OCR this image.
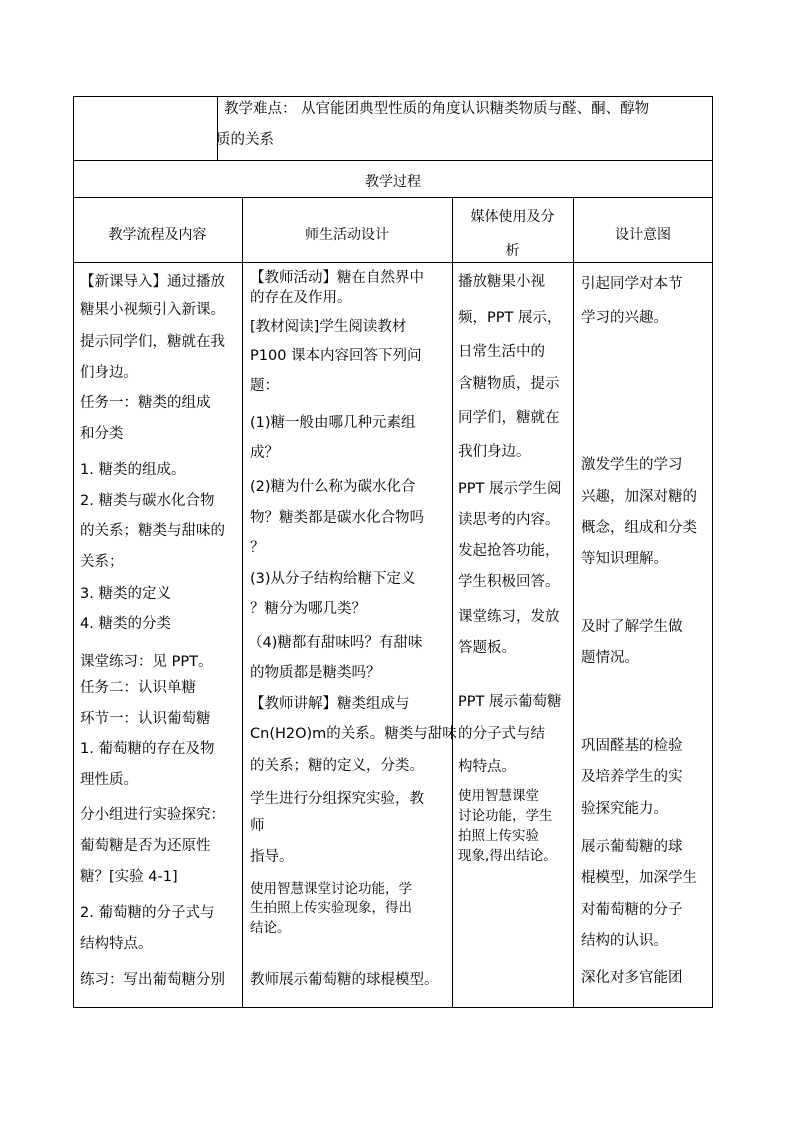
教学难点： 从官能团典型性质的角度认识糖类物质与醛、酮、醇物
质的关系
教学过程
教学流程及内容	师生活动设计
媒体使用及分
析
设计意图
【新课导入】通过播放
糖果小视频引入新课。
提示同学们，糖就在我
们身边。
任务一：糖类的组成
和分类
1. 糖类的组成。
2. 糖类与碳水化合物
的关系；糖类与甜味的
关系；
3. 糖类的定义
4. 糖类的分类
课堂练习：见 PPT。
任务二：认识单糖
环节一：认识葡萄糖
1. 葡萄糖的存在及物
理性质。
分小组进行实验探究：
葡萄糖是否为还原性
糖？[实验 4-1]
2. 葡萄糖的分子式与
结构特点。
练习：写出葡萄糖分别
【教师活动】糖在自然界中
的存在及作用。
[教材阅读]学生阅读教材
P100 课本内容回答下列问
题：
(1)糖一般由哪几种元素组
成？
(2)糖为什么称为碳水化合
物？糖类都是碳水化合物吗
？
(3)从分子结构给糖下定义
？糖分为哪几类？
（4)糖都有甜味吗？有甜味
的物质都是糖类吗？
【教师讲解】糖类组成与
Cn(H2O)m的关系。糖类与甜味
的关系；糖的定义，分类。
学生进行分组探究实验，教
师
指导。
使用智慧课堂讨论功能，学
生拍照上传实验现象，得出
结论。
教师展示葡萄糖的球棍模型。
播放糖果小视
频，PPT 展示，
日常生活中的
含糖物质，提示
同学们，糖就在
我们身边。
PPT 展示学生阅
读思考的内容。
发起抢答功能，
学生积极回答。
课堂练习，发放
答题板。
PPT 展示葡萄糖
的分子式与结
构特点。
使用智慧课堂
讨论功能，学生
拍照上传实验
现象,得出结论。
引起同学对本节
学习的兴趣。
激发学生的学习
兴趣，加深对糖的
概念，组成和分类
等知识理解。
及时了解学生做
题情况。
巩固醛基的检验
及培养学生的实
验探究能力。
展示葡萄糖的球
棍模型，加深学生
对葡萄糖的分子
结构的认识。
深化对多官能团
